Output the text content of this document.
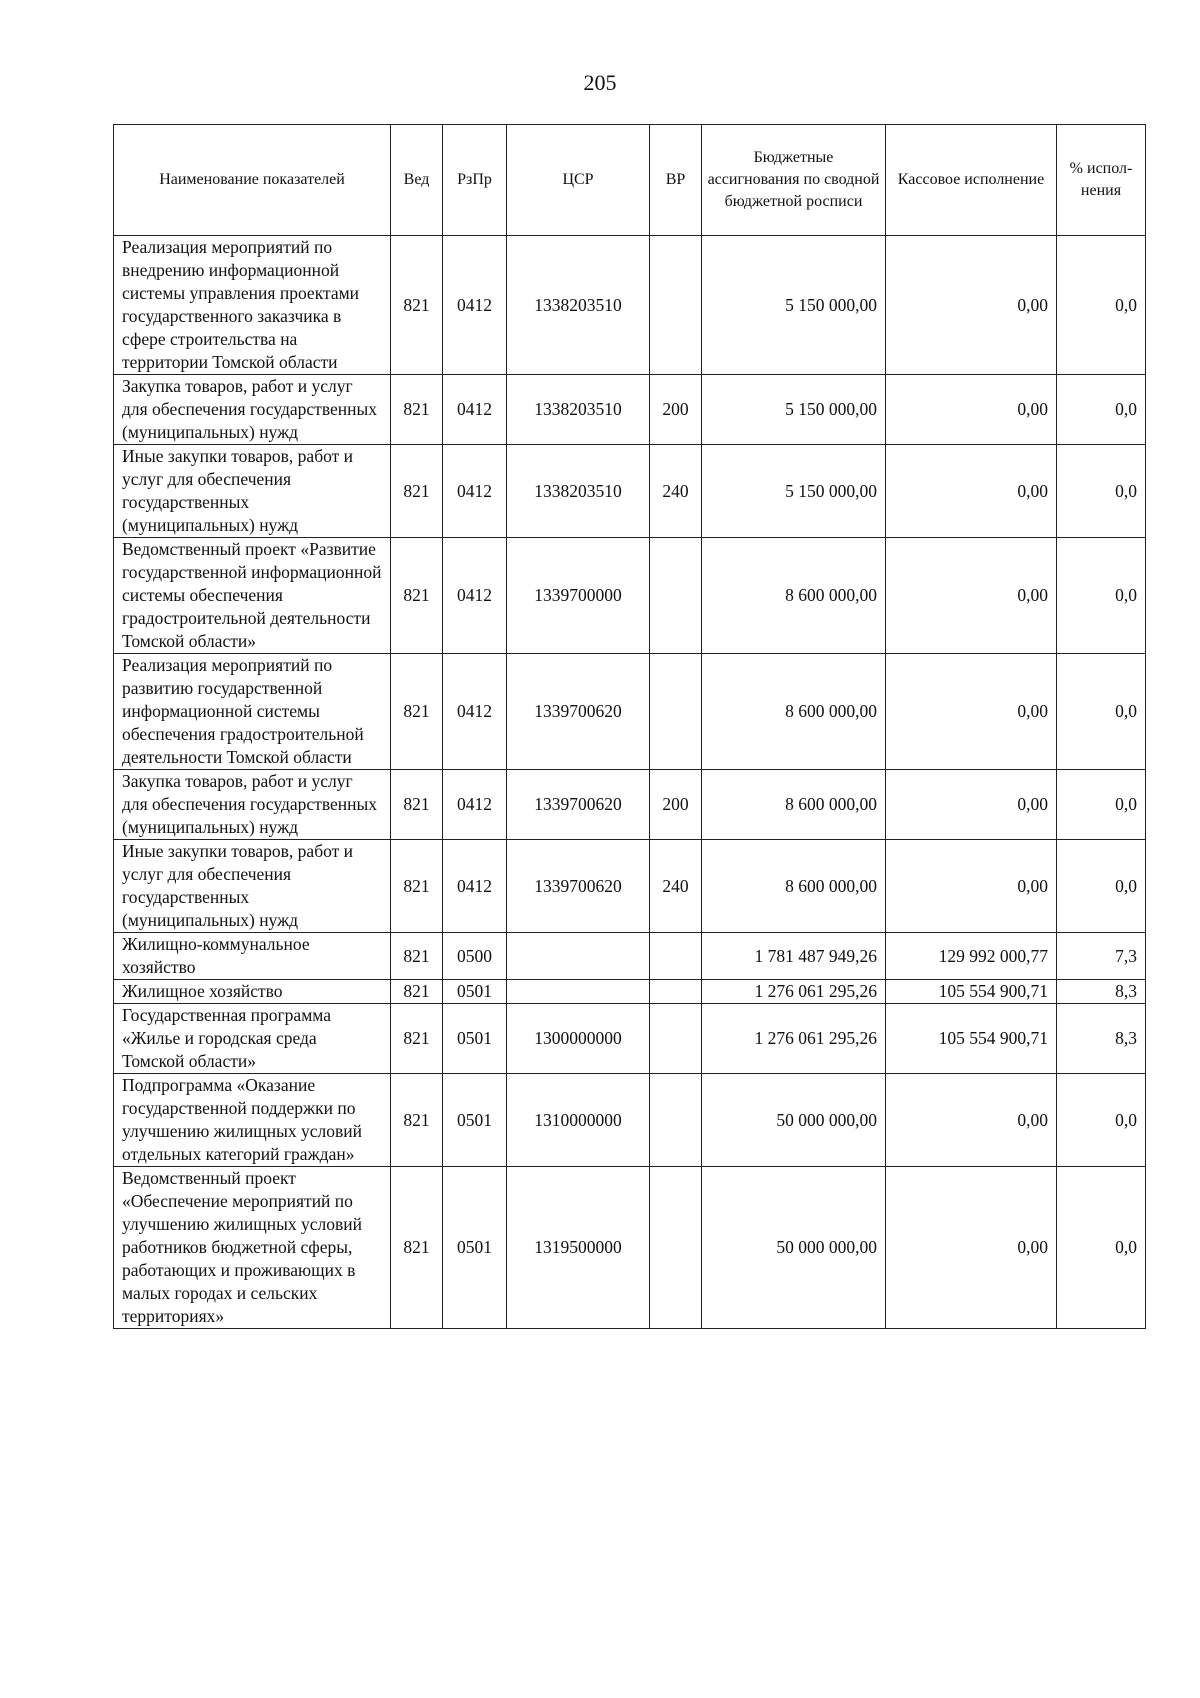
205
Наименование показателей	Вед	РзПр	ЦСР	ВР	Бюджетные ассигнования по сводной бюджетной росписи	Кассовое исполнение	% испол- нения
Реализация мероприятий по внедрению информационной системы управления проектами государственного заказчика в сфере строительства на территории Томской области	821	0412	1338203510		5 150 000,00	0,00	0,0
Закупка товаров, работ и услуг для обеспечения государственных (муниципальных) нужд	821	0412	1338203510	200	5 150 000,00	0,00	0,0
Иные закупки товаров, работ и услуг для обеспечения государственных (муниципальных) нужд	821	0412	1338203510	240	5 150 000,00	0,00	0,0
Ведомственный проект «Развитие государственной информационной системы обеспечения градостроительной деятельности Томской области»	821	0412	1339700000		8 600 000,00	0,00	0,0
Реализация мероприятий по развитию государственной информационной системы обеспечения градостроительной деятельности Томской области	821	0412	1339700620		8 600 000,00	0,00	0,0
Закупка товаров, работ и услуг для обеспечения государственных (муниципальных) нужд	821	0412	1339700620	200	8 600 000,00	0,00	0,0
Иные закупки товаров, работ и услуг для обеспечения государственных (муниципальных) нужд	821	0412	1339700620	240	8 600 000,00	0,00	0,0
Жилищно-коммунальное хозяйство	821	0500			1 781 487 949,26	129 992 000,77	7,3
Жилищное хозяйство	821	0501			1 276 061 295,26	105 554 900,71	8,3
Государственная программа «Жилье и городская среда Томской области»	821	0501	1300000000		1 276 061 295,26	105 554 900,71	8,3
Подпрограмма «Оказание государственной поддержки по улучшению жилищных условий отдельных категорий граждан»	821	0501	1310000000		50 000 000,00	0,00	0,0
Ведомственный проект «Обеспечение мероприятий по улучшению жилищных условий работников бюджетной сферы, работающих и проживающих в малых городах и сельских территориях»	821	0501	1319500000		50 000 000,00	0,00	0,0
